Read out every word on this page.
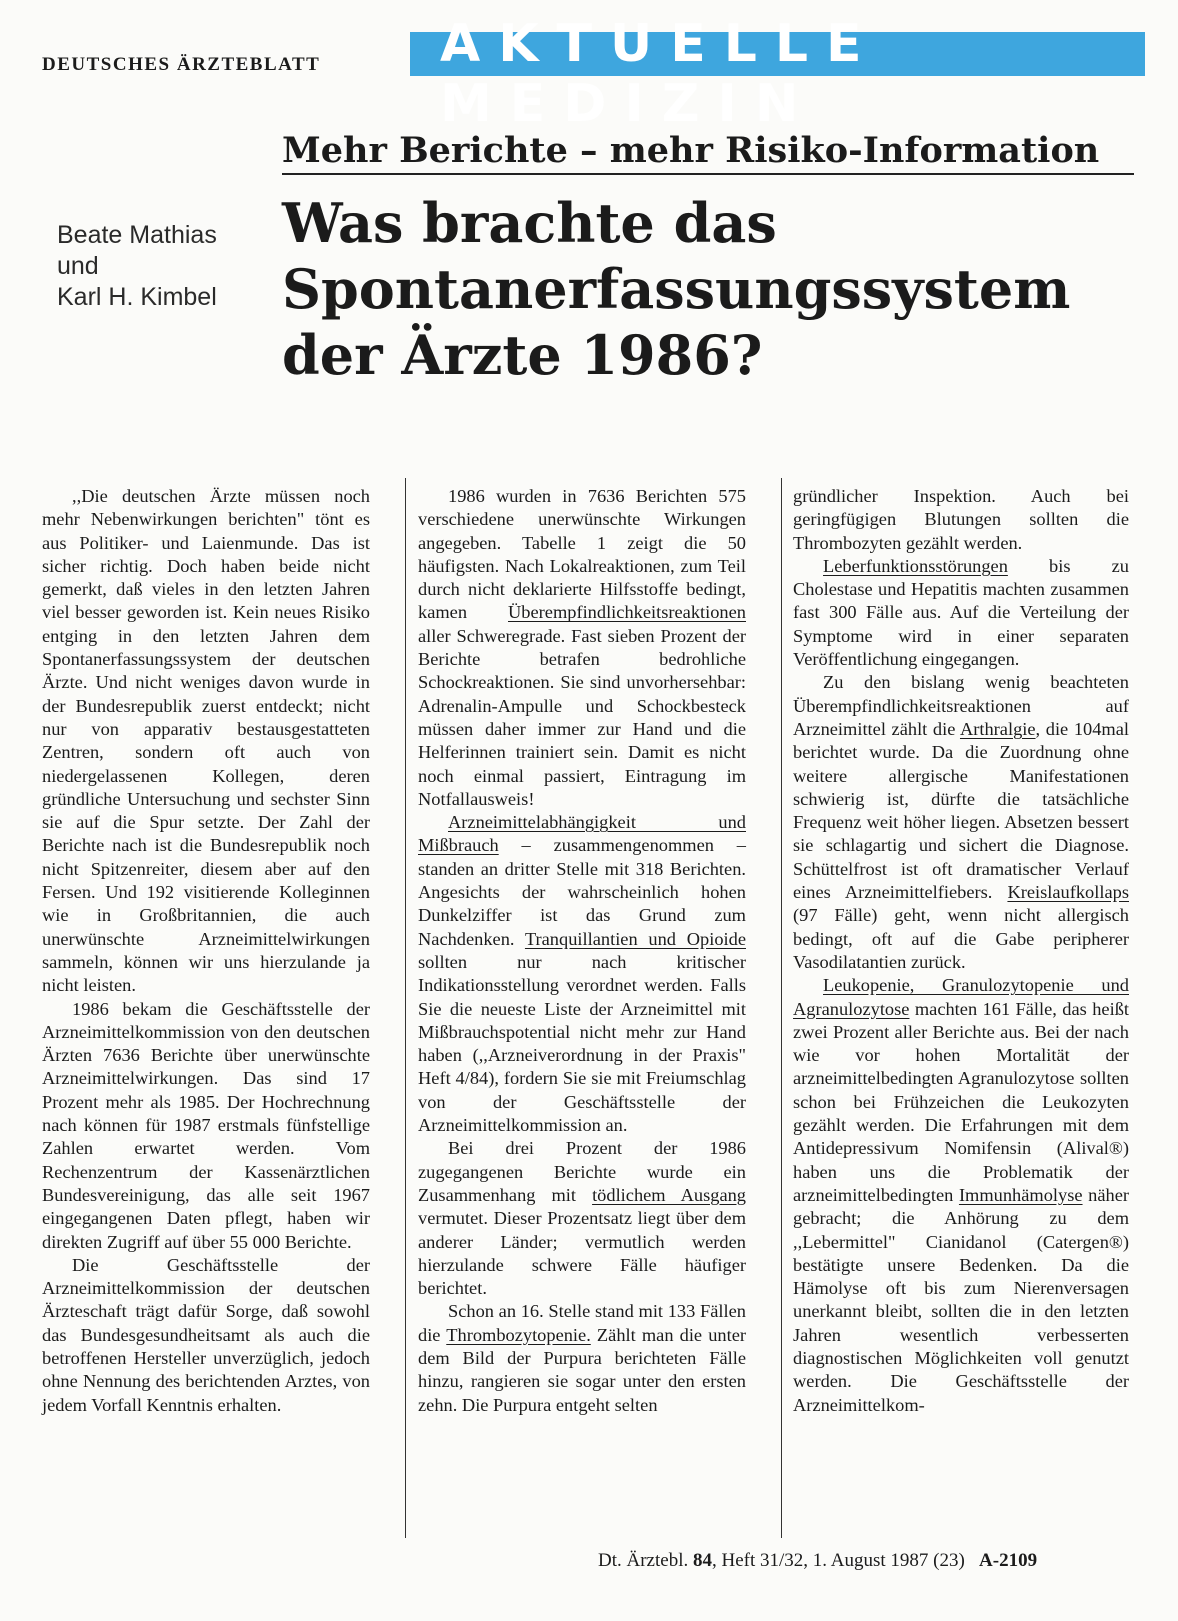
DEUTSCHES ÄRZTEBLATT AKTUELLE MEDIZIN
Mehr Berichte – mehr Risiko-Information
Was brachte das
Spontanerfassungssystem
der Ärzte 1986?
Beate Mathias
und
Karl H. Kimbel

,,Die deutschen Ärzte müssen noch mehr Nebenwirkungen berichten" tönt es aus Politiker- und Laienmunde. Das ist sicher richtig. Doch haben beide nicht gemerkt, daß vieles in den letzten Jahren viel besser geworden ist. Kein neues Risiko entging in den letzten Jahren dem Spontanerfassungssystem der deutschen Ärzte. Und nicht weniges davon wurde in der Bundesrepublik zuerst entdeckt; nicht nur von apparativ bestausgestatteten Zentren, sondern oft auch von niedergelassenen Kollegen, deren gründliche Untersuchung und sechster Sinn sie auf die Spur setzte. Der Zahl der Berichte nach ist die Bundesrepublik noch nicht Spitzenreiter, diesem aber auf den Fersen. Und 192 visitierende Kolleginnen wie in Großbritannien, die auch unerwünschte Arzneimittelwirkungen sammeln, können wir uns hierzulande ja nicht leisten.

1986 bekam die Geschäftsstelle der Arzneimittelkommission von den deutschen Ärzten 7636 Berichte über unerwünschte Arzneimittelwirkungen. Das sind 17 Prozent mehr als 1985. Der Hochrechnung nach können für 1987 erstmals fünfstellige Zahlen erwartet werden. Vom Rechenzentrum der Kassenärztlichen Bundesvereinigung, das alle seit 1967 eingegangenen Daten pflegt, haben wir direkten Zugriff auf über 55 000 Berichte.

Die Geschäftsstelle der Arzneimittelkommission der deutschen Ärzteschaft trägt dafür Sorge, daß sowohl das Bundesgesundheitsamt als auch die betroffenen Hersteller unverzüglich, jedoch ohne Nennung des berichtenden Arztes, von jedem Vorfall Kenntnis erhalten.

1986 wurden in 7636 Berichten 575 verschiedene unerwünschte Wirkungen angegeben. Tabelle 1 zeigt die 50 häufigsten. Nach Lokalreaktionen, zum Teil durch nicht deklarierte Hilfsstoffe bedingt, kamen Überempfindlichkeitsreaktionen aller Schweregrade. Fast sieben Prozent der Berichte betrafen bedrohliche Schockreaktionen. Sie sind unvorhersehbar: Adrenalin-Ampulle und Schockbesteck müssen daher immer zur Hand und die Helferinnen trainiert sein. Damit es nicht noch einmal passiert, Eintragung im Notfallausweis!

Arzneimittelabhängigkeit und Mißbrauch – zusammengenommen – standen an dritter Stelle mit 318 Berichten. Angesichts der wahrscheinlich hohen Dunkelziffer ist das Grund zum Nachdenken. Tranquillantien und Opioide sollten nur nach kritischer Indikationsstellung verordnet werden. Falls Sie die neueste Liste der Arzneimittel mit Mißbrauchspotential nicht mehr zur Hand haben (,,Arzneiverordnung in der Praxis" Heft 4/84), fordern Sie sie mit Freiumschlag von der Geschäftsstelle der Arzneimittelkommission an.

Bei drei Prozent der 1986 zugegangenen Berichte wurde ein Zusammenhang mit tödlichem Ausgang vermutet. Dieser Prozentsatz liegt über dem anderer Länder; vermutlich werden hierzulande schwere Fälle häufiger berichtet.

Schon an 16. Stelle stand mit 133 Fällen die Thrombozytopenie. Zählt man die unter dem Bild der Purpura berichteten Fälle hinzu, rangieren sie sogar unter den ersten zehn. Die Purpura entgeht selten

gründlicher Inspektion. Auch bei geringfügigen Blutungen sollten die Thrombozyten gezählt werden.

Leberfunktionsstörungen bis zu Cholestase und Hepatitis machten zusammen fast 300 Fälle aus. Auf die Verteilung der Symptome wird in einer separaten Veröffentlichung eingegangen.

Zu den bislang wenig beachteten Überempfindlichkeitsreaktionen auf Arzneimittel zählt die Arthralgie, die 104mal berichtet wurde. Da die Zuordnung ohne weitere allergische Manifestationen schwierig ist, dürfte die tatsächliche Frequenz weit höher liegen. Absetzen bessert sie schlagartig und sichert die Diagnose. Schüttelfrost ist oft dramatischer Verlauf eines Arzneimittelfiebers. Kreislaufkollaps (97 Fälle) geht, wenn nicht allergisch bedingt, oft auf die Gabe peripherer Vasodilatantien zurück.

Leukopenie, Granulozytopenie und Agranulozytose machten 161 Fälle, das heißt zwei Prozent aller Berichte aus. Bei der nach wie vor hohen Mortalität der arzneimittelbedingten Agranulozytose sollten schon bei Frühzeichen die Leukozyten gezählt werden. Die Erfahrungen mit dem Antidepressivum Nomifensin (Alival®) haben uns die Problematik der arzneimittelbedingten Immunhämolyse näher gebracht; die Anhörung zu dem ,,Lebermittel" Cianidanol (Catergen®) bestätigte unsere Bedenken. Da die Hämolyse oft bis zum Nierenversagen unerkannt bleibt, sollten die in den letzten Jahren wesentlich verbesserten diagnostischen Möglichkeiten voll genutzt werden. Die Geschäftsstelle der Arzneimittelkom-

Dt. Ärztebl. 84, Heft 31/32, 1. August 1987 (23) A-2109
